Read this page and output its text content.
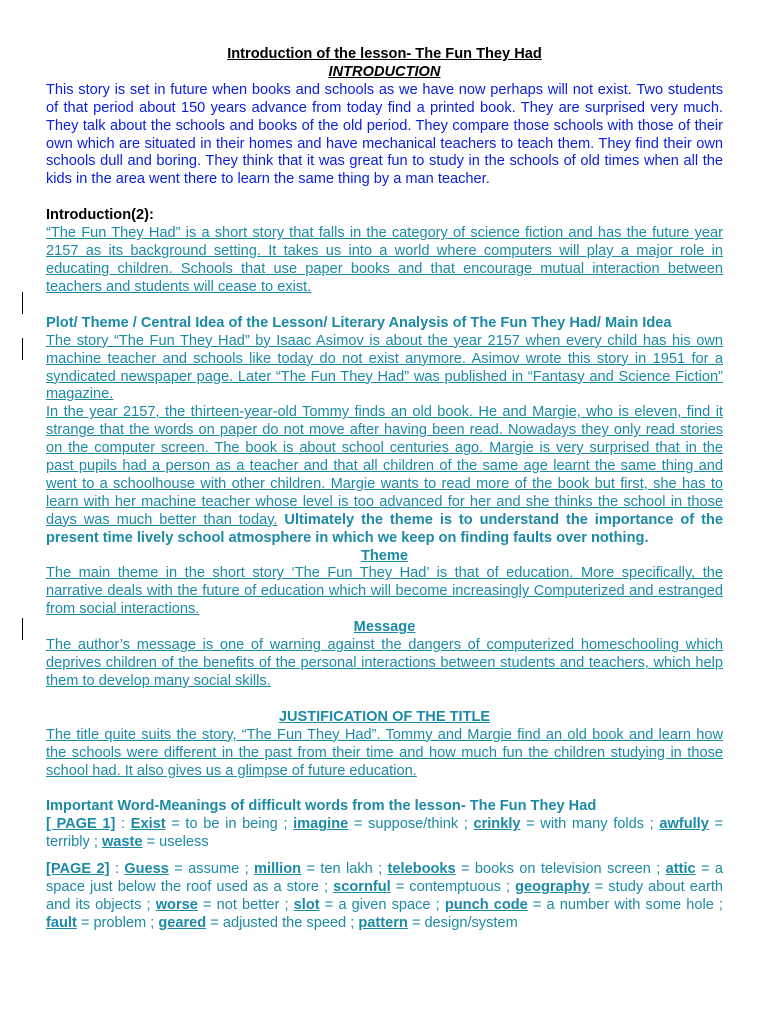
Introduction of the lesson- The Fun They Had
INTRODUCTION

This story is set in future when books and schools as we have now perhaps will not exist. Two students of that period about 150 years advance from today find a printed book. They are surprised very much. They talk about the schools and books of the old period. They compare those schools with those of their own which are situated in their homes and have mechanical teachers to teach them. They find their own schools dull and boring. They think that it was great fun to study in the schools of old times when all the kids in the area went there to learn the same thing by a man teacher.

Introduction(2):

“The Fun They Had” is a short story that falls in the category of science fiction and has the future year 2157 as its background setting. It takes us into a world where computers will play a major role in educating children. Schools that use paper books and that encourage mutual interaction between teachers and students will cease to exist.

Plot/ Theme / Central Idea of the Lesson/ Literary Analysis of The Fun They Had/ Main Idea

The story “The Fun They Had” by Isaac Asimov is about the year 2157 when every child has his own machine teacher and schools like today do not exist anymore. Asimov wrote this story in 1951 for a syndicated newspaper page. Later “The Fun They Had” was published in “Fantasy and Science Fiction” magazine.

In the year 2157, the thirteen-year-old Tommy finds an old book. He and Margie, who is eleven, find it strange that the words on paper do not move after having been read. Nowadays they only read stories on the computer screen. The book is about school centuries ago. Margie is very surprised that in the past pupils had a person as a teacher and that all children of the same age learnt the same thing and went to a schoolhouse with other children. Margie wants to read more of the book but first, she has to learn with her machine teacher whose level is too advanced for her and she thinks the school in those days was much better than today. Ultimately the theme is to understand the importance of the present time lively school atmosphere in which we keep on finding faults over nothing.

Theme

The main theme in the short story ‘The Fun They Had’ is that of education. More specifically, the narrative deals with the future of education which will become increasingly Computerized and estranged from social interactions.

Message

The author’s message is one of warning against the dangers of computerized homeschooling which deprives children of the benefits of the personal interactions between students and teachers, which help them to develop many social skills.

JUSTIFICATION OF THE TITLE

The title quite suits the story, “The Fun They Had”. Tommy and Margie find an old book and learn how the schools were different in the past from their time and how much fun the children studying in those school had. It also gives us a glimpse of future education.

Important Word-Meanings of difficult words from the lesson- The Fun They Had

[ PAGE 1] : Exist = to be in being ; imagine = suppose/think ; crinkly = with many folds ; awfully = terribly ; waste = useless

[PAGE 2] : Guess = assume ; million = ten lakh ; telebooks = books on television screen ; attic = a space just below the roof used as a store ; scornful = contemptuous ; geography = study about earth and its objects ; worse = not better ; slot = a given space ; punch code = a number with some hole ; fault = problem ; geared = adjusted the speed ; pattern = design/system
